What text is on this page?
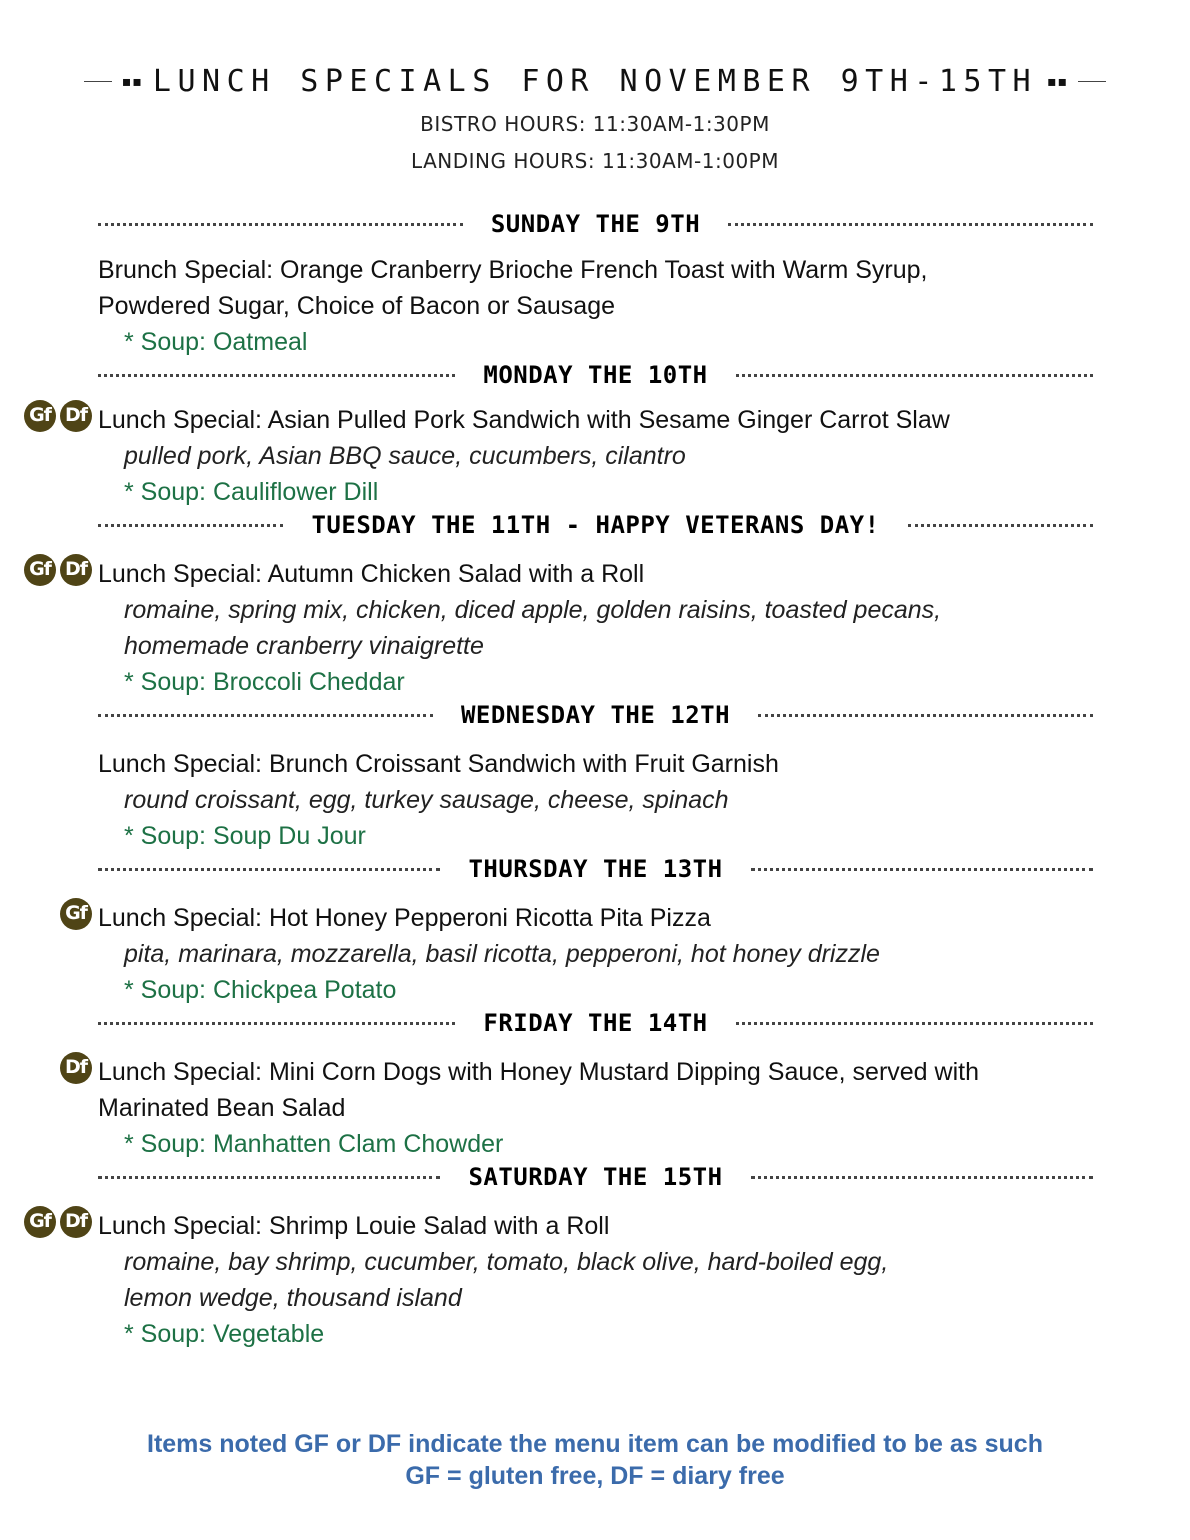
▪▪ LUNCH SPECIALS FOR NOVEMBER 9TH-15TH ▪▪
BISTRO HOURS: 11:30AM-1:30PM
LANDING HOURS: 11:30AM-1:00PM
SUNDAY THE 9TH
Brunch Special: Orange Cranberry Brioche French Toast with Warm Syrup,
Powdered Sugar, Choice of Bacon or Sausage
* Soup: Oatmeal
MONDAY THE 10TH
Gf Df Lunch Special: Asian Pulled Pork Sandwich with Sesame Ginger Carrot Slaw
pulled pork, Asian BBQ sauce, cucumbers, cilantro
* Soup: Cauliflower Dill
TUESDAY THE 11TH - HAPPY VETERANS DAY!
Gf Df Lunch Special: Autumn Chicken Salad with a Roll
romaine, spring mix, chicken, diced apple, golden raisins, toasted pecans,
homemade cranberry vinaigrette
* Soup: Broccoli Cheddar
WEDNESDAY THE 12TH
Lunch Special: Brunch Croissant Sandwich with Fruit Garnish
round croissant, egg, turkey sausage, cheese, spinach
* Soup: Soup Du Jour
THURSDAY THE 13TH
Gf Lunch Special: Hot Honey Pepperoni Ricotta Pita Pizza
pita, marinara, mozzarella, basil ricotta, pepperoni, hot honey drizzle
* Soup: Chickpea Potato
FRIDAY THE 14TH
Df Lunch Special: Mini Corn Dogs with Honey Mustard Dipping Sauce, served with
Marinated Bean Salad
* Soup: Manhatten Clam Chowder
SATURDAY THE 15TH
Gf Df Lunch Special: Shrimp Louie Salad with a Roll
romaine, bay shrimp, cucumber, tomato, black olive, hard-boiled egg,
lemon wedge, thousand island
* Soup: Vegetable
Items noted GF or DF indicate the menu item can be modified to be as such
GF = gluten free, DF = diary free
